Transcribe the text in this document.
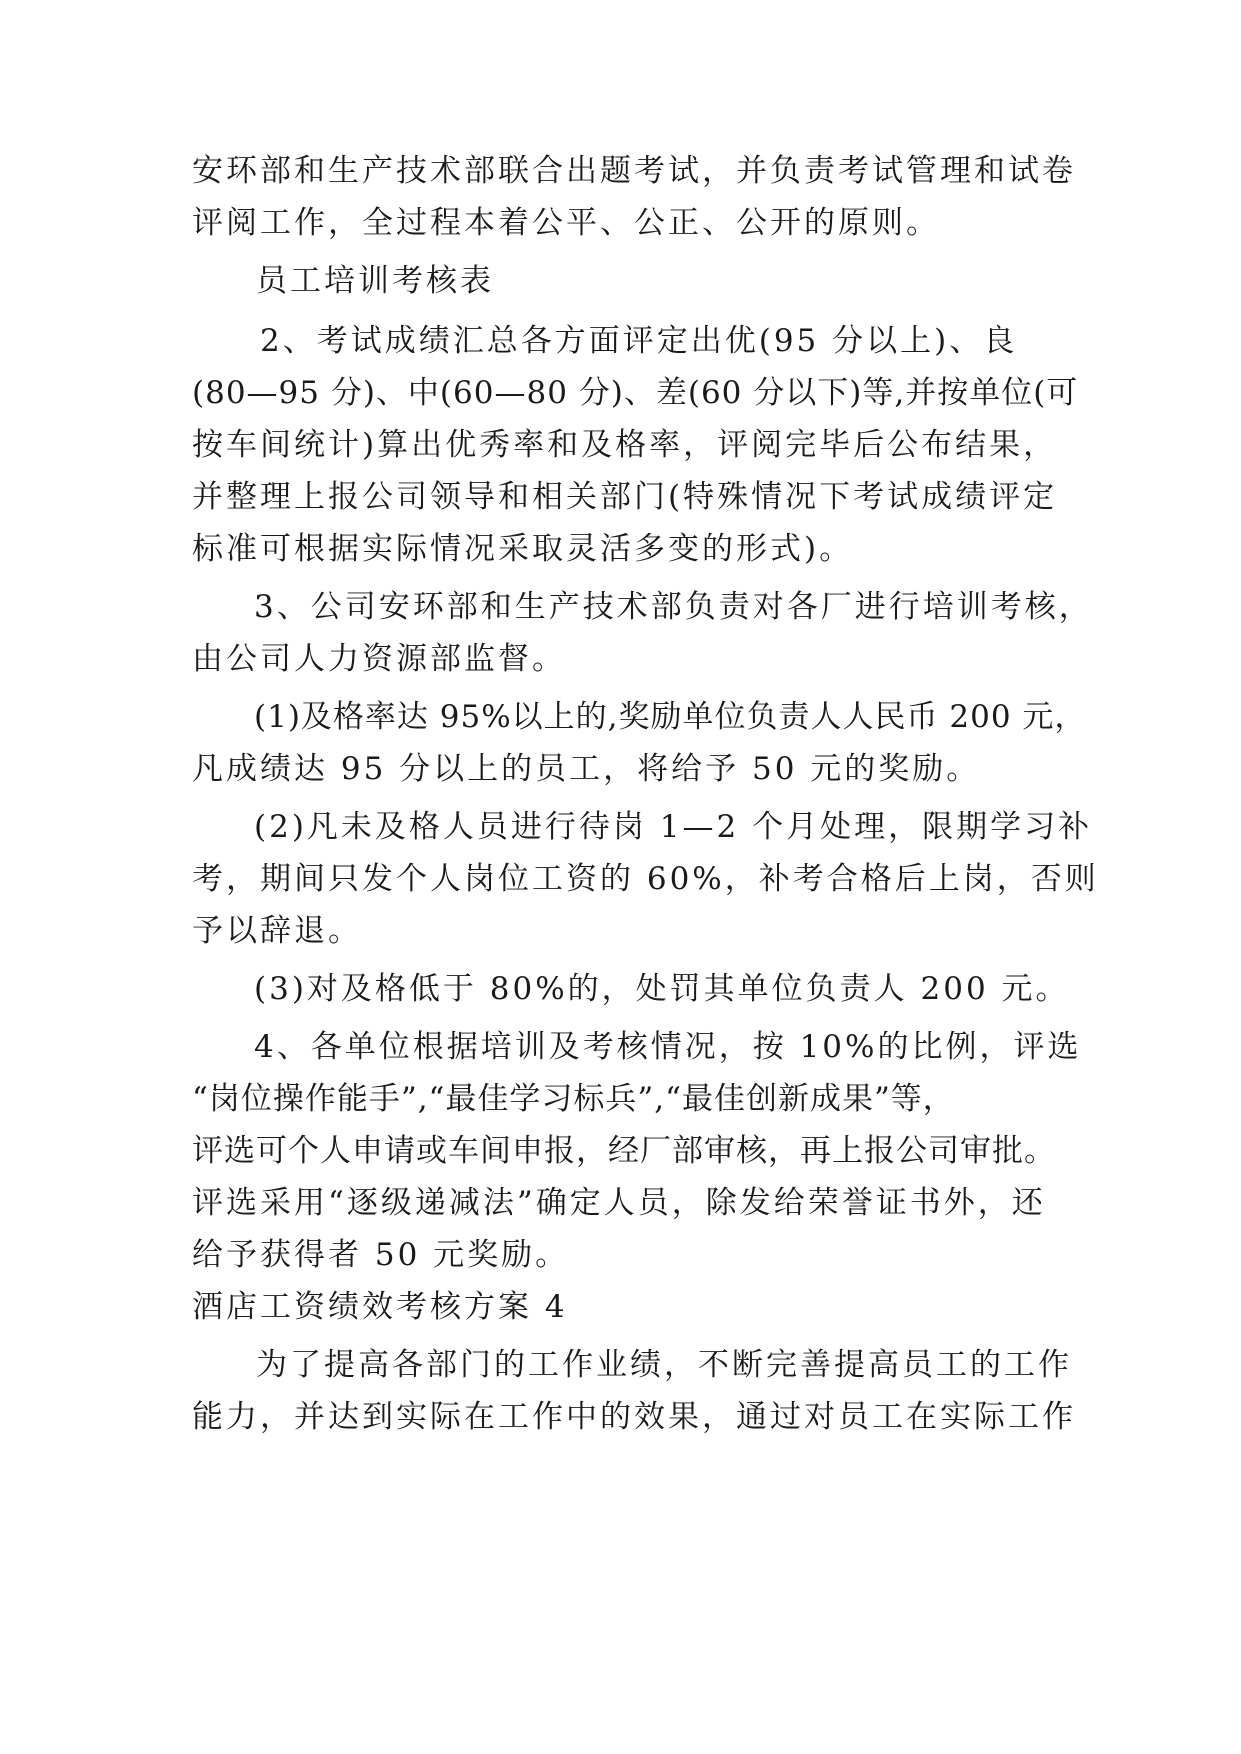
安环部和生产技术部联合出题考试，并负责考试管理和试卷
评阅工作，全过程本着公平、公正、公开的原则。
员工培训考核表
2、考试成绩汇总各方面评定出优(95 分以上)、良
(80—95 分)、中(60—80 分)、差(60 分以下)等,并按单位(可
按车间统计)算出优秀率和及格率，评阅完毕后公布结果，
并整理上报公司领导和相关部门(特殊情况下考试成绩评定
标准可根据实际情况采取灵活多变的形式)。
3、公司安环部和生产技术部负责对各厂进行培训考核，
由公司人力资源部监督。
(1)及格率达 95%以上的,奖励单位负责人人民币 200 元，
凡成绩达 95 分以上的员工，将给予 50 元的奖励。
(2)凡未及格人员进行待岗 1—2 个月处理，限期学习补
考，期间只发个人岗位工资的 60%，补考合格后上岗，否则
予以辞退。
(3)对及格低于 80%的，处罚其单位负责人 200 元。
4、各单位根据培训及考核情况，按 10%的比例，评选
“岗位操作能手”,“最佳学习标兵”,“最佳创新成果”等，
评选可个人申请或车间申报，经厂部审核，再上报公司审批。
评选采用“逐级递减法”确定人员，除发给荣誉证书外，还
给予获得者 50 元奖励。
酒店工资绩效考核方案 4
为了提高各部门的工作业绩，不断完善提高员工的工作
能力，并达到实际在工作中的效果，通过对员工在实际工作
